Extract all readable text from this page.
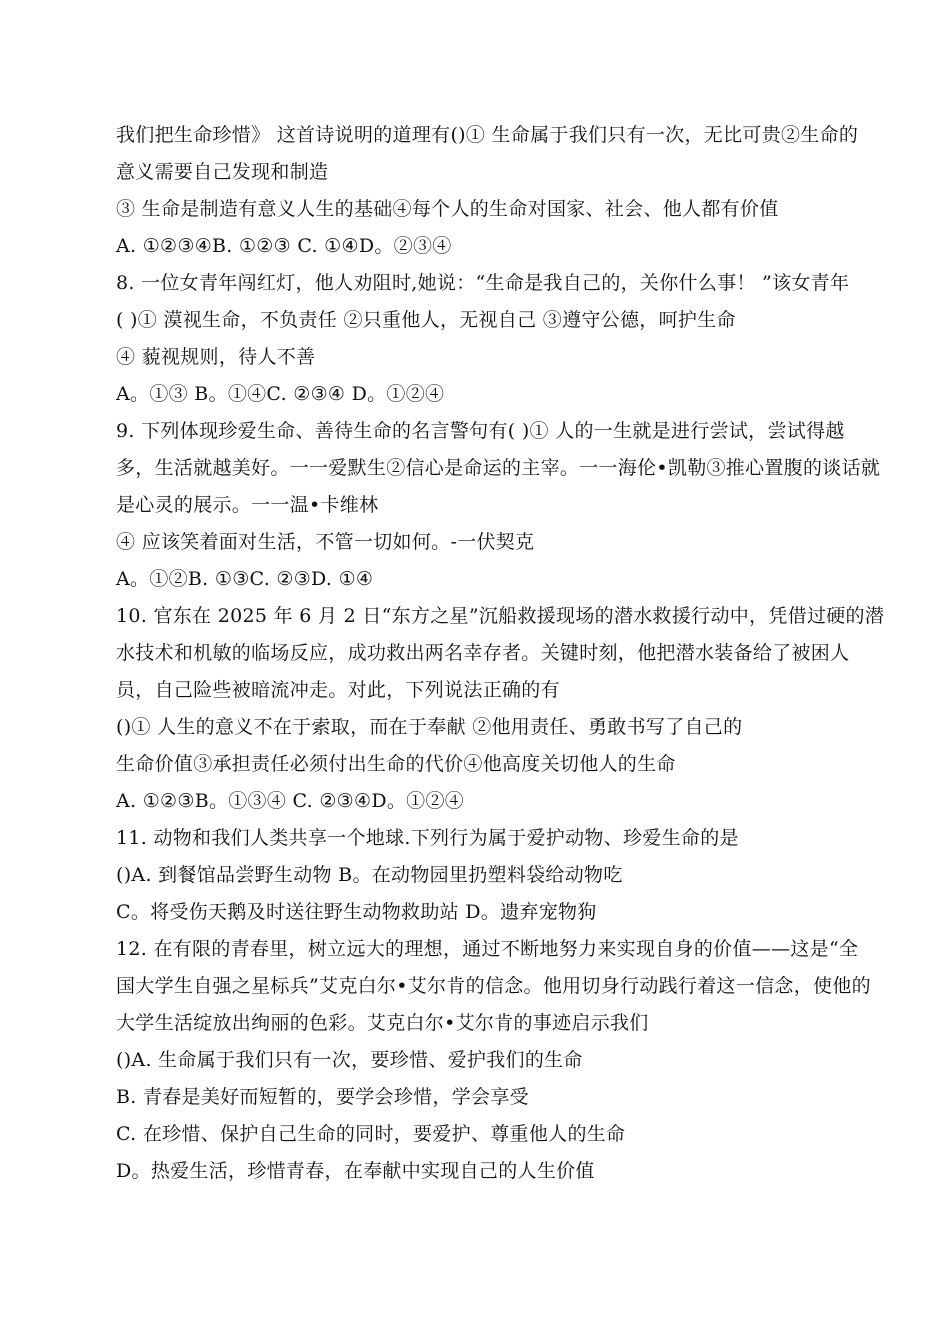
我们把生命珍惜》 这首诗说明的道理有()① 生命属于我们只有一次，无比可贵②生命的
意义需要自己发现和制造
③ 生命是制造有意义人生的基础④每个人的生命对国家、社会、他人都有价值
A. ①②③④B. ①②③ C. ①④D。②③④
8. 一位女青年闯红灯，他人劝阻时,她说：“生命是我自己的，关你什么事！ ”该女青年
( )① 漠视生命，不负责任 ②只重他人，无视自己 ③遵守公德，呵护生命
④ 藐视规则，待人不善
A。①③ B。①④C. ②③④ D。①②④
9. 下列体现珍爱生命、善待生命的名言警句有( )① 人的一生就是进行尝试，尝试得越
多，生活就越美好。一一爱默生②信心是命运的主宰。一一海伦•凯勒③推心置腹的谈话就
是心灵的展示。一一温•卡维林
④ 应该笑着面对生活，不管一切如何。-一伏契克
A。①②B. ①③C. ②③D. ①④
10. 官东在 2025 年 6 月 2 日“东方之星”沉船救援现场的潜水救援行动中，凭借过硬的潜
水技术和机敏的临场反应，成功救出两名幸存者。关键时刻，他把潜水装备给了被困人
员，自己险些被暗流冲走。对此，下列说法正确的有
()① 人生的意义不在于索取，而在于奉献 ②他用责任、勇敢书写了自己的
生命价值③承担责任必须付出生命的代价④他高度关切他人的生命
A. ①②③B。①③④ C. ②③④D。①②④
11. 动物和我们人类共享一个地球.下列行为属于爱护动物、珍爱生命的是
()A. 到餐馆品尝野生动物 B。在动物园里扔塑料袋给动物吃
C。将受伤天鹅及时送往野生动物救助站 D。遗弃宠物狗
12. 在有限的青春里，树立远大的理想，通过不断地努力来实现自身的价值——这是“全
国大学生自强之星标兵”艾克白尔•艾尔肯的信念。他用切身行动践行着这一信念，使他的
大学生活绽放出绚丽的色彩。艾克白尔•艾尔肯的事迹启示我们
()A. 生命属于我们只有一次，要珍惜、爱护我们的生命
B. 青春是美好而短暂的，要学会珍惜，学会享受
C. 在珍惜、保护自己生命的同时，要爱护、尊重他人的生命
D。热爱生活，珍惜青春，在奉献中实现自己的人生价值
